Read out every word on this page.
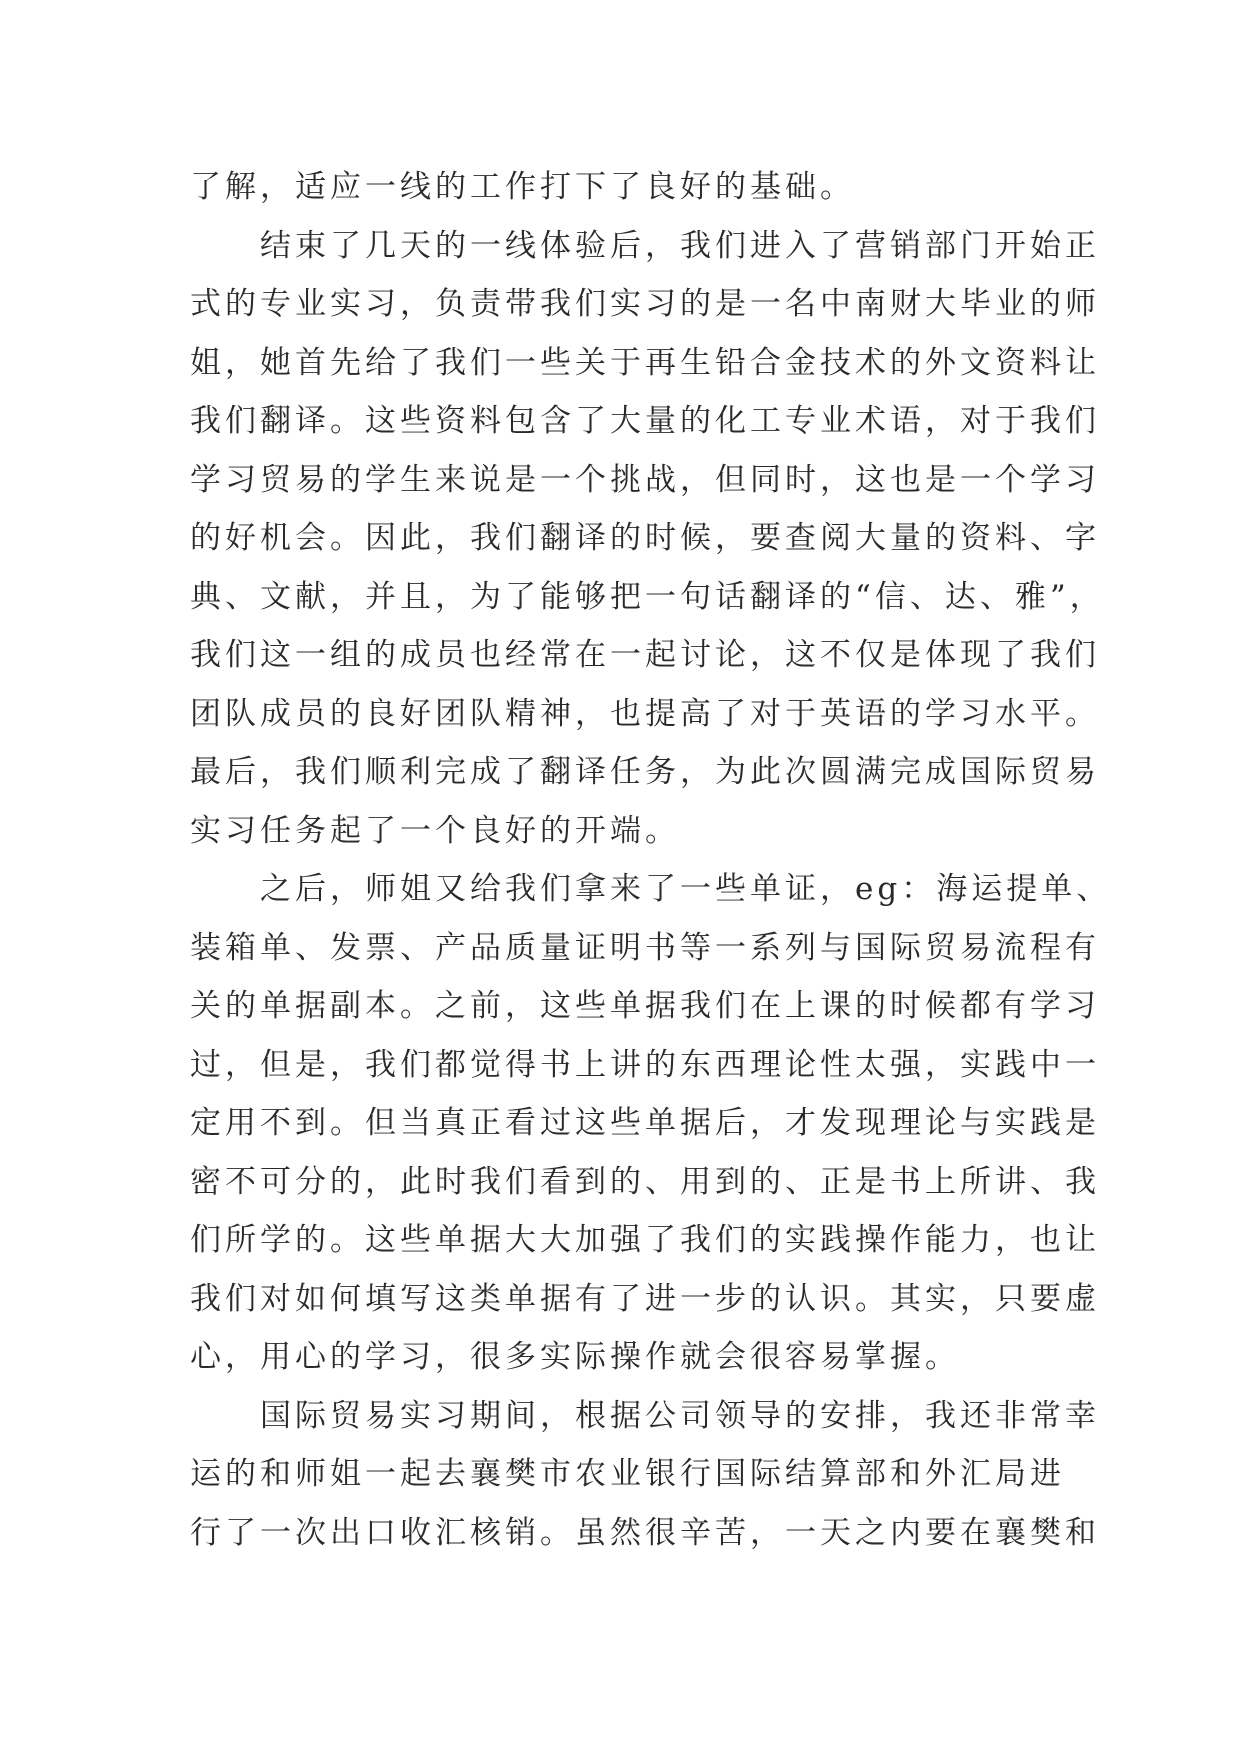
了解，适应一线的工作打下了良好的基础。
结束了几天的一线体验后，我们进入了营销部门开始正
式的专业实习，负责带我们实习的是一名中南财大毕业的师
姐，她首先给了我们一些关于再生铅合金技术的外文资料让
我们翻译。这些资料包含了大量的化工专业术语，对于我们
学习贸易的学生来说是一个挑战，但同时，这也是一个学习
的好机会。因此，我们翻译的时候，要查阅大量的资料、字
典、文献，并且，为了能够把一句话翻译的“信、达、雅”，
我们这一组的成员也经常在一起讨论，这不仅是体现了我们
团队成员的良好团队精神，也提高了对于英语的学习水平。
最后，我们顺利完成了翻译任务，为此次圆满完成国际贸易
实习任务起了一个良好的开端。
之后，师姐又给我们拿来了一些单证，eg：海运提单、
装箱单、发票、产品质量证明书等一系列与国际贸易流程有
关的单据副本。之前，这些单据我们在上课的时候都有学习
过，但是，我们都觉得书上讲的东西理论性太强，实践中一
定用不到。但当真正看过这些单据后，才发现理论与实践是
密不可分的，此时我们看到的、用到的、正是书上所讲、我
们所学的。这些单据大大加强了我们的实践操作能力，也让
我们对如何填写这类单据有了进一步的认识。其实，只要虚
心，用心的学习，很多实际操作就会很容易掌握。
国际贸易实习期间，根据公司领导的安排，我还非常幸
运的和师姐一起去襄樊市农业银行国际结算部和外汇局进
行了一次出口收汇核销。虽然很辛苦，一天之内要在襄樊和
